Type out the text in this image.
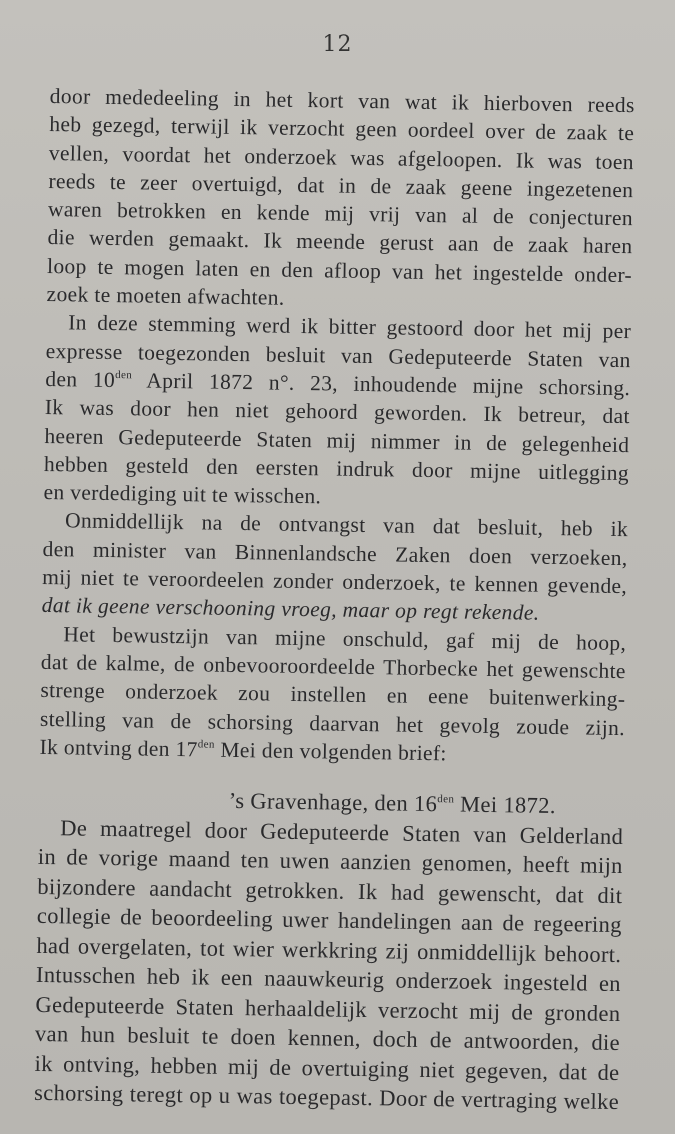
12
door mededeeling in het kort van wat ik hierboven reeds
heb gezegd, terwijl ik verzocht geen oordeel over de zaak te
vellen, voordat het onderzoek was afgeloopen. Ik was toen
reeds te zeer overtuigd, dat in de zaak geene ingezetenen
waren betrokken en kende mij vrij van al de conjecturen
die werden gemaakt. Ik meende gerust aan de zaak haren
loop te mogen laten en den afloop van het ingestelde onder-
zoek te moeten afwachten.
In deze stemming werd ik bitter gestoord door het mij per
expresse toegezonden besluit van Gedeputeerde Staten van
den $10^{den}$ April 1872 n°. 23, inhoudende mijne schorsing.
Ik was door hen niet gehoord geworden. Ik betreur, dat
heeren Gedeputeerde Staten mij nimmer in de gelegenheid
hebben gesteld den eersten indruk door mijne uitlegging
en verdediging uit te wisschen.
Onmiddellijk na de ontvangst van dat besluit, heb ik
den minister van Binnenlandsche Zaken doen verzoeken,
mij niet te veroordeelen zonder onderzoek, te kennen gevende,
dat ik geene verschooning vroeg, maar op regt rekende.
Het bewustzijn van mijne onschuld, gaf mij de hoop,
dat de kalme, de onbevooroordeelde Thorbecke het gewenschte
strenge onderzoek zou instellen en eene buitenwerking-
stelling van de schorsing daarvan het gevolg zoude zijn.
Ik ontving den $17^{den}$ Mei den volgenden brief:
’s Gravenhage, den $16^{den}$ Mei 1872.
De maatregel door Gedeputeerde Staten van Gelderland
in de vorige maand ten uwen aanzien genomen, heeft mijn
bijzondere aandacht getrokken. Ik had gewenscht, dat dit
collegie de beoordeeling uwer handelingen aan de regeering
had overgelaten, tot wier werkkring zij onmiddellijk behoort.
Intusschen heb ik een naauwkeurig onderzoek ingesteld en
Gedeputeerde Staten herhaaldelijk verzocht mij de gronden
van hun besluit te doen kennen, doch de antwoorden, die
ik ontving, hebben mij de overtuiging niet gegeven, dat de
schorsing teregt op u was toegepast. Door de vertraging welke
